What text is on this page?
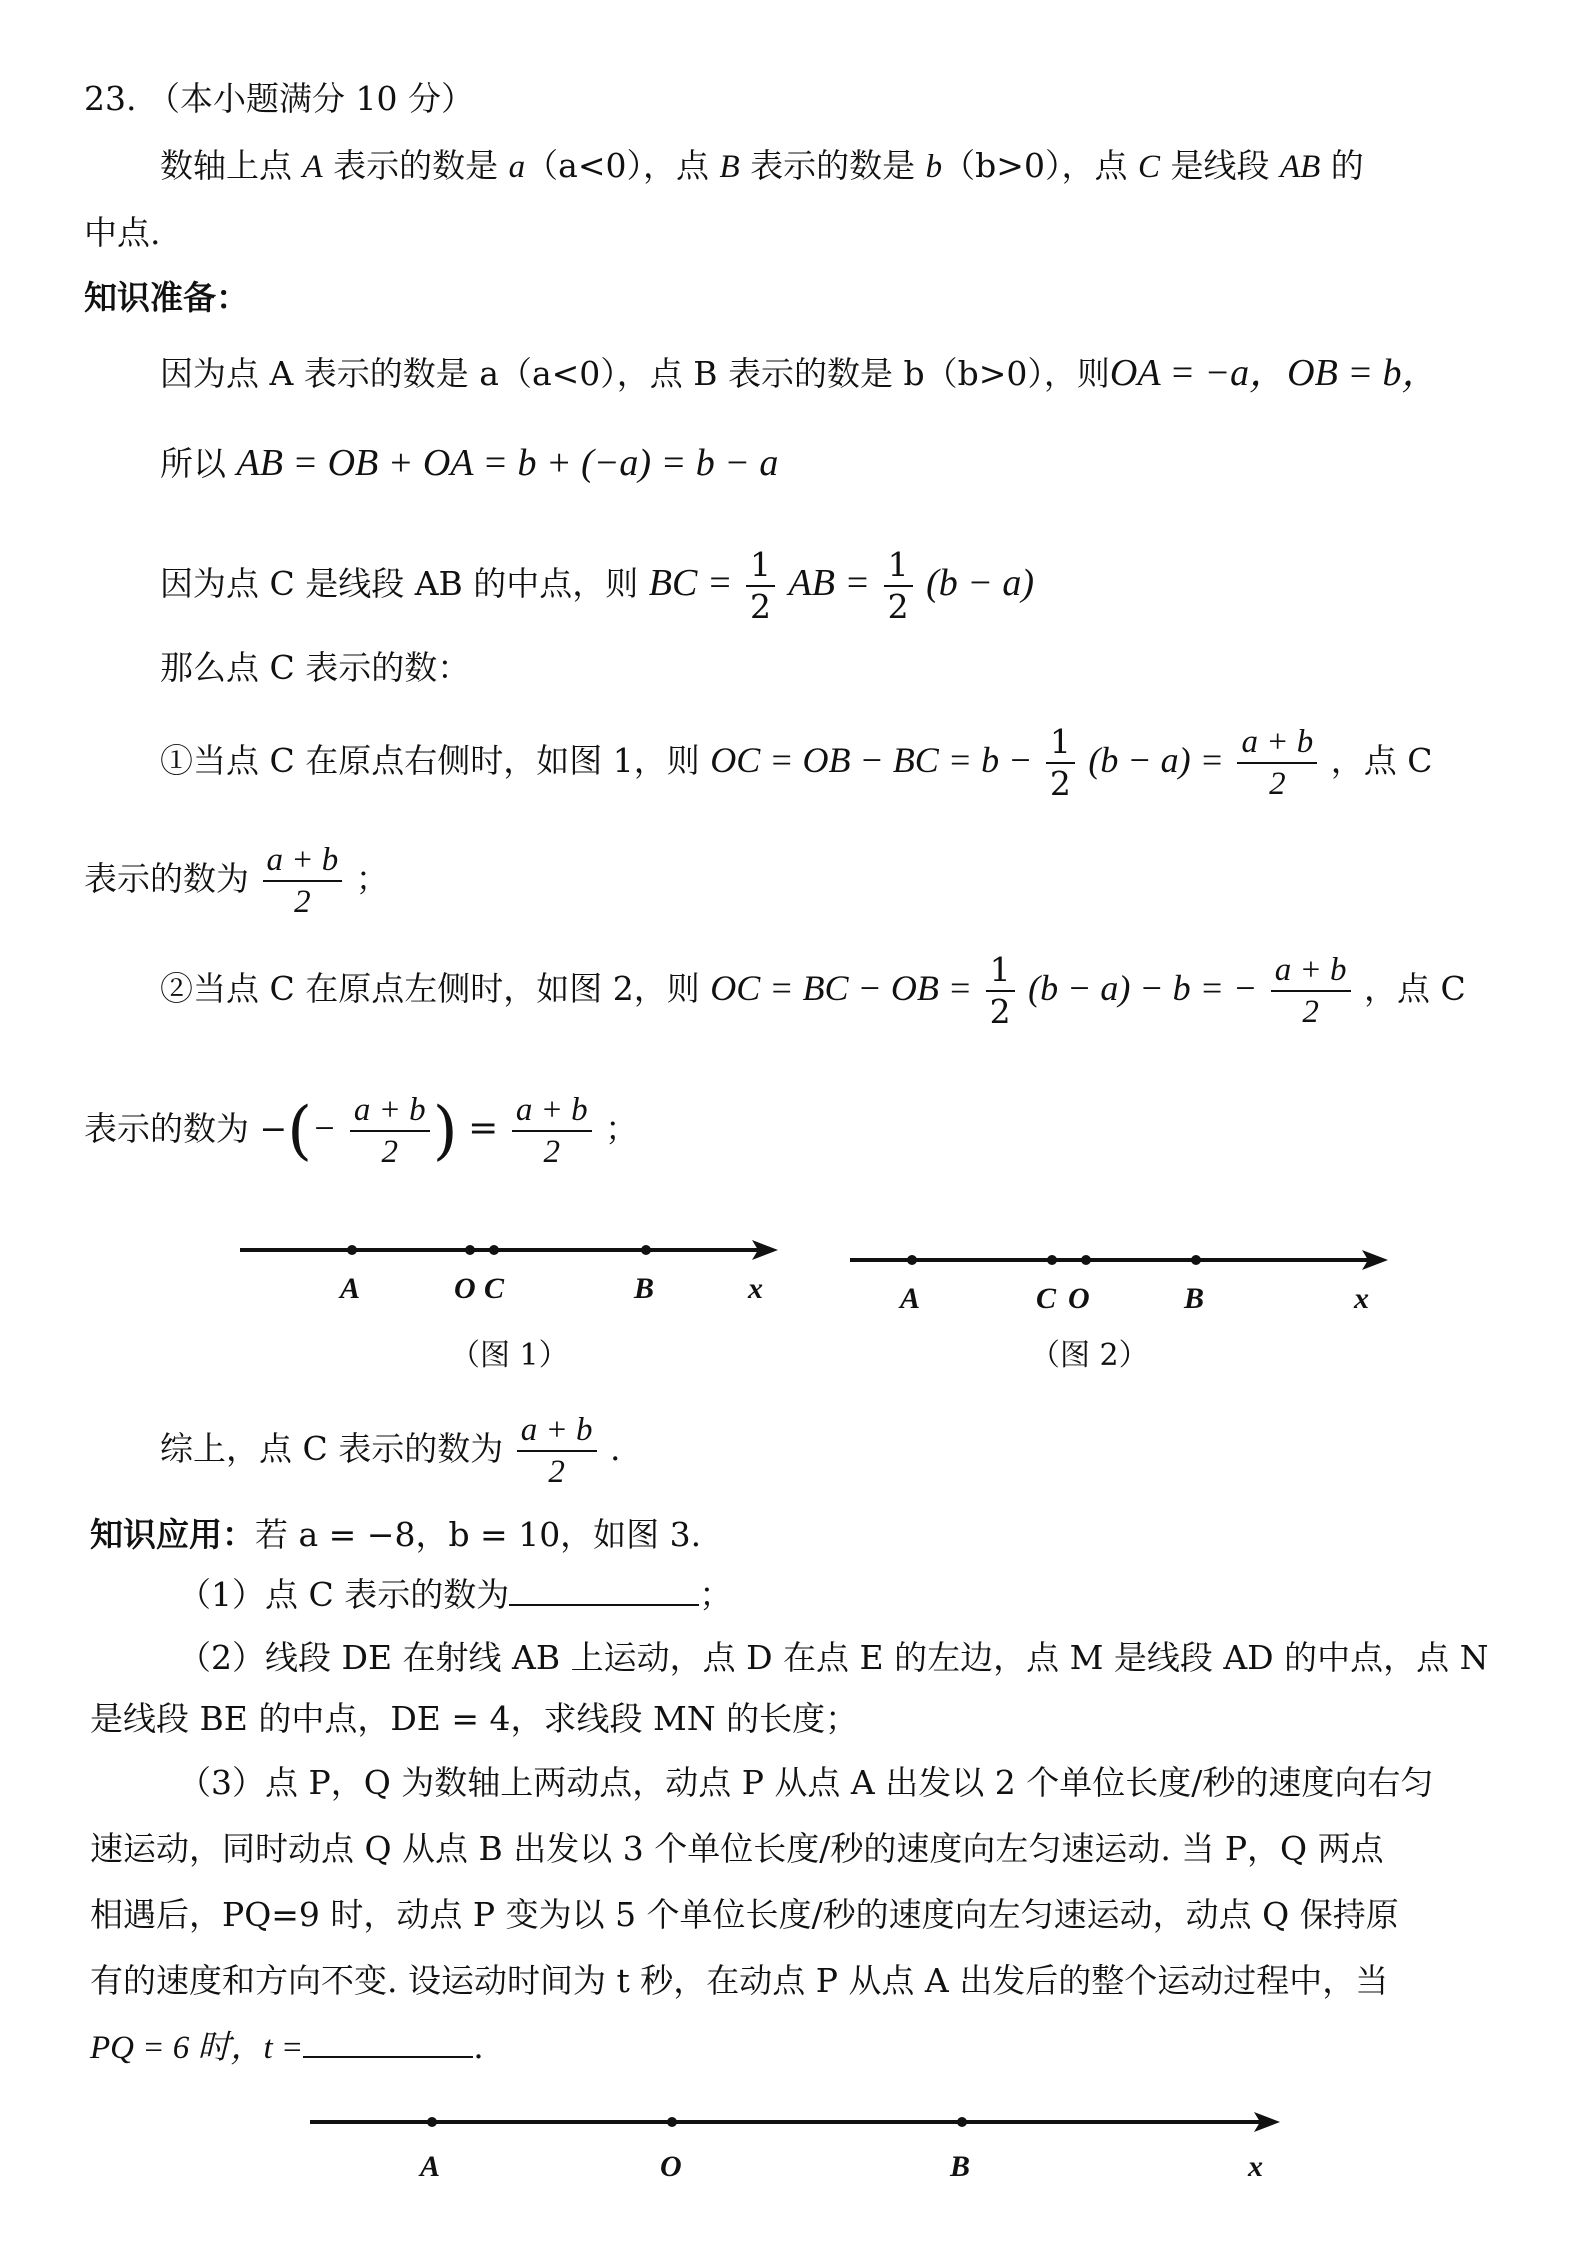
23. （本小题满分 10 分）
数轴上点 A 表示的数是 a（a<0），点 B 表示的数是 b（b>0），点 C 是线段 AB 的
中点.
知识准备：
因为点 A 表示的数是 a（a<0），点 B 表示的数是 b（b>0），则OA = −a，OB = b，
所以 AB = OB + OA = b + (−a) = b − a
因为点 C 是线段 AB 的中点，则 BC = $\frac{1}{2}$ AB = $\frac{1}{2} (b - a)$
那么点 C 表示的数：
①当点 C 在原点右侧时，如图 1，则 OC = OB − BC = $b - \frac{1}{2} (b - a) = \frac{a + b}{2}$ ，点 C
表示的数为 $\frac{a + b}{2}$ ；
②当点 C 在原点左侧时，如图 2，则 OC = BC − OB = $\frac{1}{2} (b - a) - b$ = − $\frac{a + b}{2}$ ，点 C
表示的数为 −(− $\frac{a + b}{2}$ ) = $\frac{a + b}{2}$ ；
A	O C	B	x
（图 1）
A	C O	B	x
（图 2）
综上，点 C 表示的数为 $\frac{a + b}{2}$ .
知识应用：若 a = −8，b = 10，如图 3.
（1）点 C 表示的数为	；
（2）线段 DE 在射线 AB 上运动，点 D 在点 E 的左边，点 M 是线段 AD 的中点，点 N
是线段 BE 的中点，DE = 4，求线段 MN 的长度；
（3）点 P，Q 为数轴上两动点，动点 P 从点 A 出发以 2 个单位长度/秒的速度向右匀
速运动，同时动点 Q 从点 B 出发以 3 个单位长度/秒的速度向左匀速运动. 当 P，Q 两点
相遇后，PQ=9 时，动点 P 变为以 5 个单位长度/秒的速度向左匀速运动，动点 Q 保持原
有的速度和方向不变. 设运动时间为 t 秒，在动点 P 从点 A 出发后的整个运动过程中，当
PQ = 6 时，t =	.
A	O	B	x
